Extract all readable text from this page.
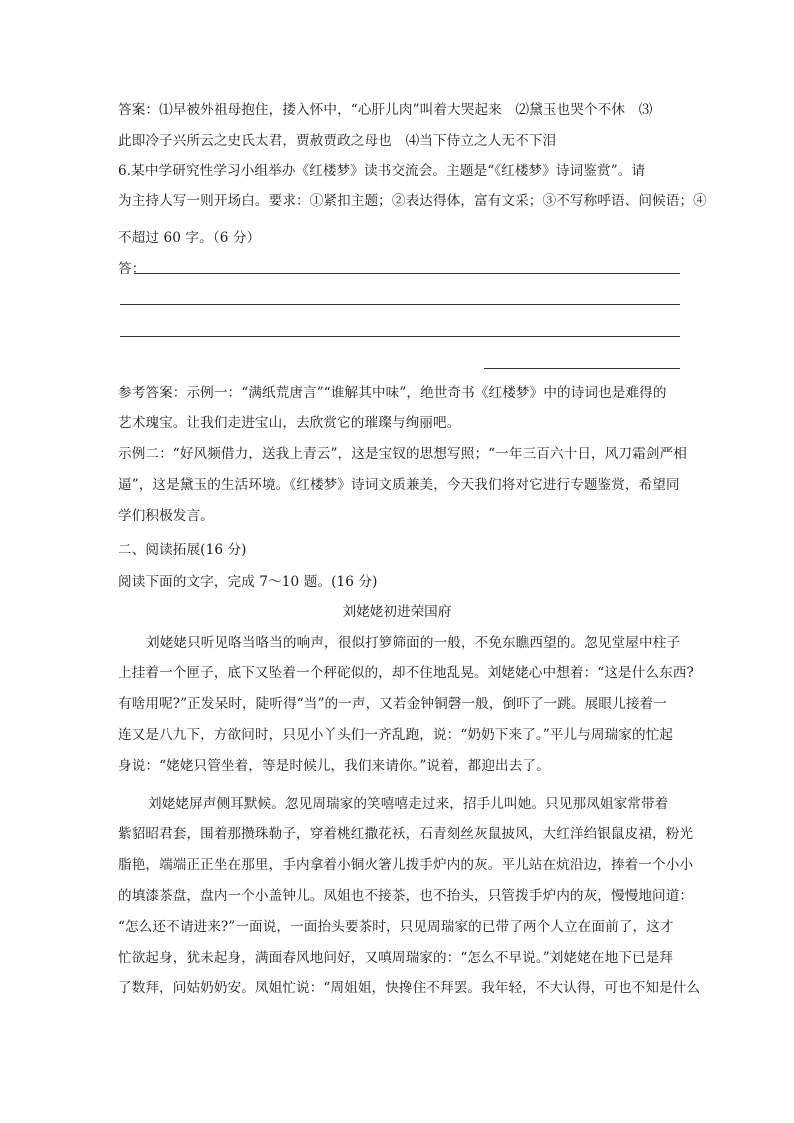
答案：⑴早被外祖母抱住，搂入怀中，“心肝儿肉”叫着大哭起来　⑵黛玉也哭个不休　⑶
此即冷子兴所云之史氏太君，贾赦贾政之母也　⑷当下侍立之人无不下泪
6.某中学研究性学习小组举办《红楼梦》读书交流会。主题是“《红楼梦》诗词鉴赏”。请
为主持人写一则开场白。要求：①紧扣主题；②表达得体，富有文采；③不写称呼语、问候语；④
不超过 60 字。（6 分）
答：
参考答案：示例一：“满纸荒唐言”“谁解其中味”，绝世奇书《红楼梦》中的诗词也是难得的
艺术瑰宝。让我们走进宝山，去欣赏它的璀璨与绚丽吧。
示例二：“好风频借力，送我上青云”，这是宝钗的思想写照；“一年三百六十日，风刀霜剑严相
逼”，这是黛玉的生活环境。《红楼梦》诗词文质兼美，今天我们将对它进行专题鉴赏，希望同
学们积极发言。
二、阅读拓展(16 分)
阅读下面的文字，完成 7～10 题。(16 分)
刘姥姥初进荣国府
刘姥姥只听见咯当咯当的响声，很似打箩筛面的一般，不免东瞧西望的。忽见堂屋中柱子
上挂着一个匣子，底下又坠着一个秤砣似的，却不住地乱晃。刘姥姥心中想着：“这是什么东西?
有啥用呢?”正发呆时，陡听得“当”的一声，又若金钟铜磬一般，倒吓了一跳。展眼儿接着一
连又是八九下，方欲问时，只见小丫头们一齐乱跑，说：“奶奶下来了。”平儿与周瑞家的忙起
身说：“姥姥只管坐着，等是时候儿，我们来请你。”说着，都迎出去了。
刘姥姥屏声侧耳默候。忽见周瑞家的笑嘻嘻走过来，招手儿叫她。只见那凤姐家常带着
紫貂昭君套，围着那攒珠勒子，穿着桃红撒花袄，石青刻丝灰鼠披风，大红洋绉银鼠皮裙，粉光
脂艳，端端正正坐在那里，手内拿着小铜火箸儿拨手炉内的灰。平儿站在炕沿边，捧着一个小小
的填漆茶盘，盘内一个小盖钟儿。凤姐也不接茶，也不抬头，只管拨手炉内的灰，慢慢地问道：
“怎么还不请进来?”一面说，一面抬头要茶时，只见周瑞家的已带了两个人立在面前了，这才
忙欲起身，犹未起身，满面春风地问好，又嗔周瑞家的：“怎么不早说。”刘姥姥在地下已是拜
了数拜，问姑奶奶安。凤姐忙说：“周姐姐，快搀住不拜罢。我年轻，不大认得，可也不知是什么
